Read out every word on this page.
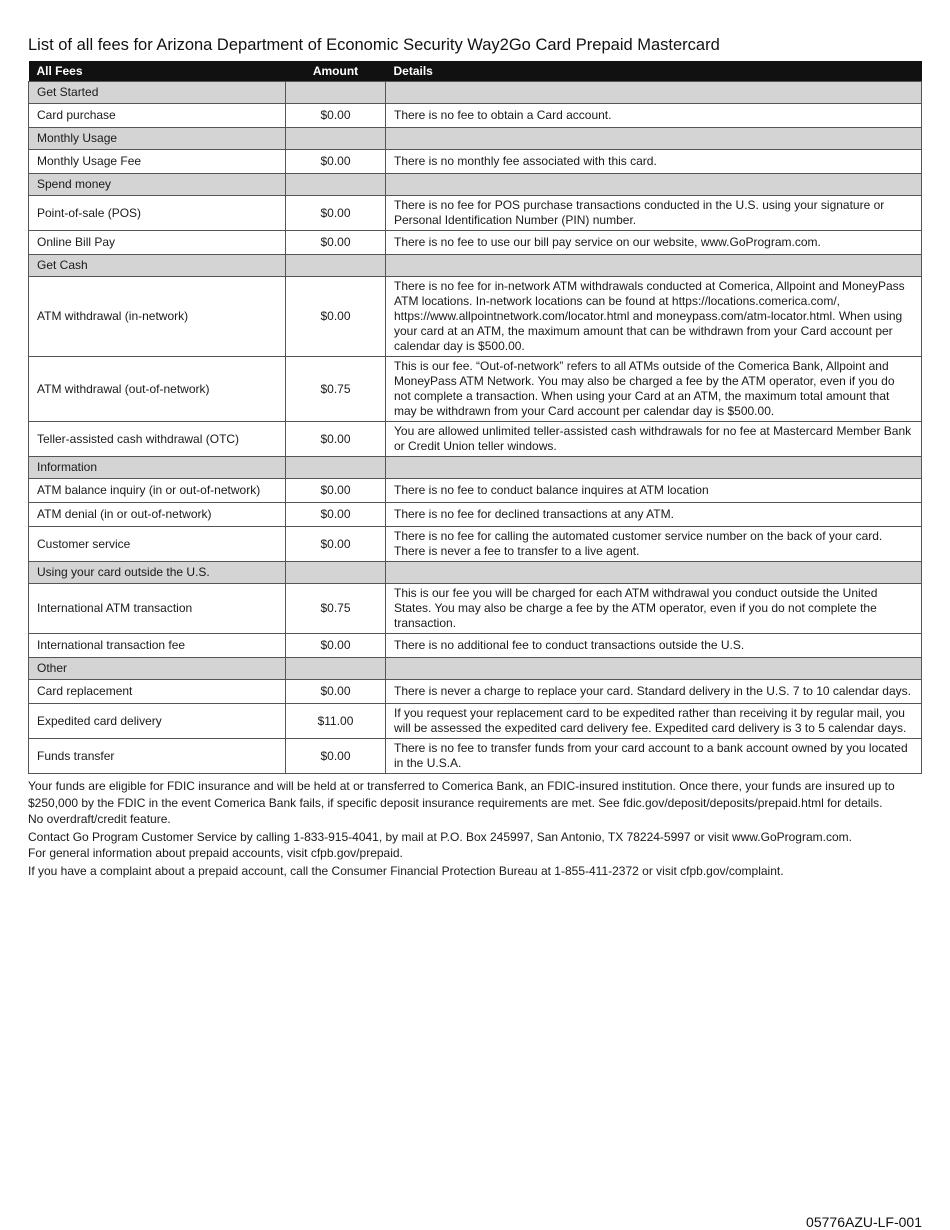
List of all fees for Arizona Department of Economic Security Way2Go Card Prepaid Mastercard
All Fees	Amount	Details
Get Started		
Card purchase	$0.00	There is no fee to obtain a Card account.
Monthly Usage		
Monthly Usage Fee	$0.00	There is no monthly fee associated with this card.
Spend money		
Point-of-sale (POS)	$0.00	There is no fee for POS purchase transactions conducted in the U.S. using your signature or Personal Identification Number (PIN) number.
Online Bill Pay	$0.00	There is no fee to use our bill pay service on our website, www.GoProgram.com.
Get Cash		
ATM withdrawal (in-network)	$0.00	There is no fee for in-network ATM withdrawals conducted at Comerica, Allpoint and MoneyPass ATM locations. In-network locations can be found at https://locations.comerica.com/, https://www.allpointnetwork.com/locator.html and moneypass.com/atm-locator.html. When using your card at an ATM, the maximum amount that can be withdrawn from your Card account per calendar day is $500.00.
ATM withdrawal (out-of-network)	$0.75	This is our fee. “Out-of-network” refers to all ATMs outside of the Comerica Bank, Allpoint and MoneyPass ATM Network. You may also be charged a fee by the ATM operator, even if you do not complete a transaction. When using your Card at an ATM, the maximum total amount that may be withdrawn from your Card account per calendar day is $500.00.
Teller-assisted cash withdrawal (OTC)	$0.00	You are allowed unlimited teller-assisted cash withdrawals for no fee at Mastercard Member Bank or Credit Union teller windows.
Information		
ATM balance inquiry (in or out-of-network)	$0.00	There is no fee to conduct balance inquires at ATM location
ATM denial (in or out-of-network)	$0.00	There is no fee for declined transactions at any ATM.
Customer service	$0.00	There is no fee for calling the automated customer service number on the back of your card. There is never a fee to transfer to a live agent.
Using your card outside the U.S.		
International ATM transaction	$0.75	This is our fee you will be charged for each ATM withdrawal you conduct outside the United States. You may also be charge a fee by the ATM operator, even if you do not complete the transaction.
International transaction fee	$0.00	There is no additional fee to conduct transactions outside the U.S.
Other		
Card replacement	$0.00	There is never a charge to replace your card. Standard delivery in the U.S. 7 to 10 calendar days.
Expedited card delivery	$11.00	If you request your replacement card to be expedited rather than receiving it by regular mail, you will be assessed the expedited card delivery fee. Expedited card delivery is 3 to 5 calendar days.
Funds transfer	$0.00	There is no fee to transfer funds from your card account to a bank account owned by you located in the U.S.A.

Your funds are eligible for FDIC insurance and will be held at or transferred to Comerica Bank, an FDIC-insured institution. Once there, your funds are insured up to $250,000 by the FDIC in the event Comerica Bank fails, if specific deposit insurance requirements are met. See fdic.gov/deposit/deposits/prepaid.html for details.
No overdraft/credit feature.

Contact Go Program Customer Service by calling 1-833-915-4041, by mail at P.O. Box 245997, San Antonio, TX 78224-5997 or visit www.GoProgram.com.
For general information about prepaid accounts, visit cfpb.gov/prepaid.

If you have a complaint about a prepaid account, call the Consumer Financial Protection Bureau at 1-855-411-2372 or visit cfpb.gov/complaint.

05776AZU-LF-001
